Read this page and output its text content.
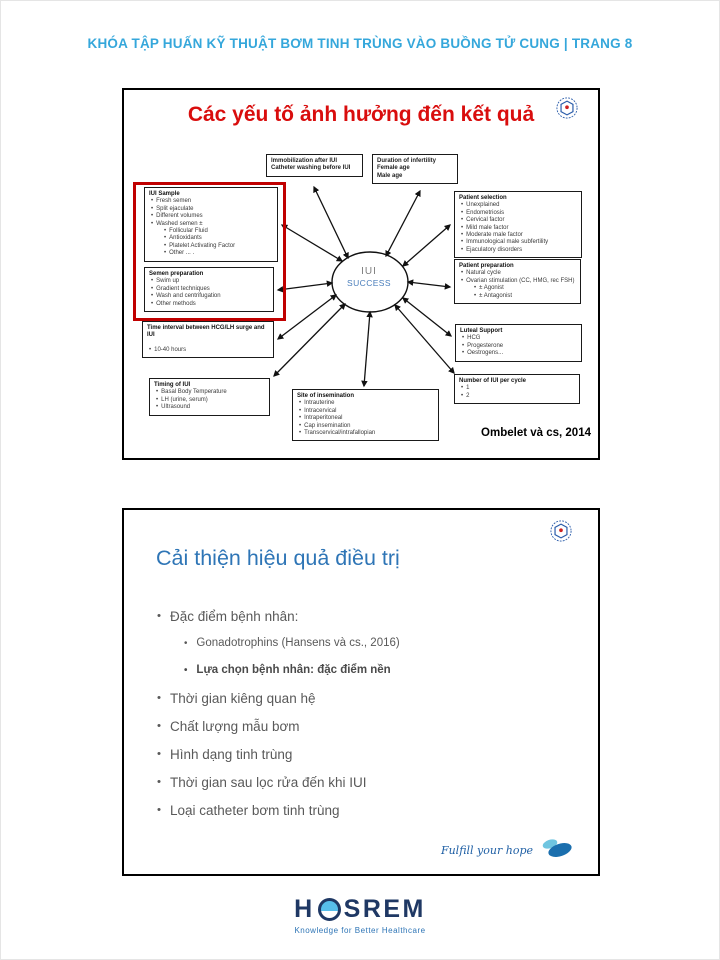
KHÓA TẬP HUẤN KỸ THUẬT BƠM TINH TRÙNG VÀO BUỒNG TỬ CUNG | TRANG 8
Các yếu tố ảnh hưởng đến kết quả
IUI
SUCCESS
Immobilization after IUI
Catheter washing before IUI
Duration of infertility
Female age
Male age
Patient selection
• Unexplained
• Endometriosis
• Cervical factor
• Mild male factor
• Moderate male factor
• Immunological male subfertility
• Ejaculatory disorders
Patient preparation
• Natural cycle
• Ovarian stimulation (CC, HMG, rec FSH)
• ± Agonist
• ± Antagonist
Luteal Support
• HCG
• Progesterone
• Oestrogens...
Number of IUI per cycle
• 1
• 2
IUI Sample
• Fresh semen
• Split ejaculate
• Different volumes
• Washed semen ±
• Follicular Fluid
• Antioxidants
• Platelet Activating Factor
• Other ... .
Semen preparation
• Swim up
• Gradient techniques
• Wash and centrifugation
• Other methods
Time interval between HCG/LH surge and IUI
• 10-40 hours
Timing of IUI
• Basal Body Temperature
• LH (urine, serum)
• Ultrasound
Site of insemination
• Intrauterine
• Intracervical
• Intraperitoneal
• Cap insemination
• Transcervical/intrafallopian	Ombelet và cs, 2014
Cải thiện hiệu quả điều trị
• Đặc điểm bệnh nhân:
• Gonadotrophins (Hansens và cs., 2016)
• Lựa chọn bệnh nhân: đặc điểm nền
• Thời gian kiêng quan hệ
• Chất lượng mẫu bơm
• Hình dạng tinh trùng
• Thời gian sau lọc rửa đến khi IUI
• Loại catheter bơm tinh trùng
Fulfill your hope
H SREM
Knowledge for Better Healthcare
